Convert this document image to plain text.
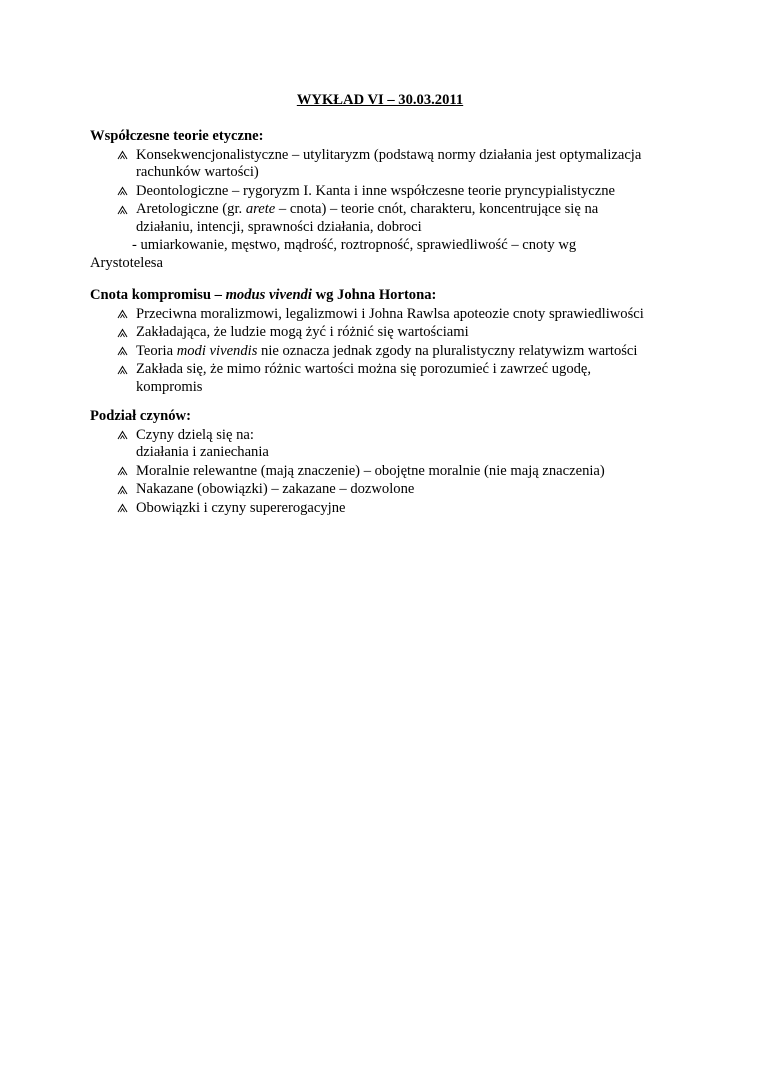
WYKŁAD VI – 30.03.2011
Współczesne teorie etyczne:
Konsekwencjonalistyczne – utylitaryzm (podstawą normy działania jest optymalizacja
rachunków wartości)
Deontologiczne – rygoryzm I. Kanta i inne współczesne teorie pryncypialistyczne
Aretologiczne (gr. arete – cnota) – teorie cnót, charakteru, koncentrujące się na
działaniu, intencji, sprawności działania, dobroci
- umiarkowanie, męstwo, mądrość, roztropność, sprawiedliwość – cnoty wg
Arystotelesa
Cnota kompromisu – modus vivendi wg Johna Hortona:
Przeciwna moralizmowi, legalizmowi i Johna Rawlsa apoteozie cnoty sprawiedliwości
Zakładająca, że ludzie mogą żyć i różnić się wartościami
Teoria modi vivendis nie oznacza jednak zgody na pluralistyczny relatywizm wartości
Zakłada się, że mimo różnic wartości można się porozumieć i zawrzeć ugodę,
kompromis
Podział czynów:
Czyny dzielą się na:
działania i zaniechania
Moralnie relewantne (mają znaczenie) – obojętne moralnie (nie mają znaczenia)
Nakazane (obowiązki) – zakazane – dozwolone
Obowiązki i czyny supererogacyjne
